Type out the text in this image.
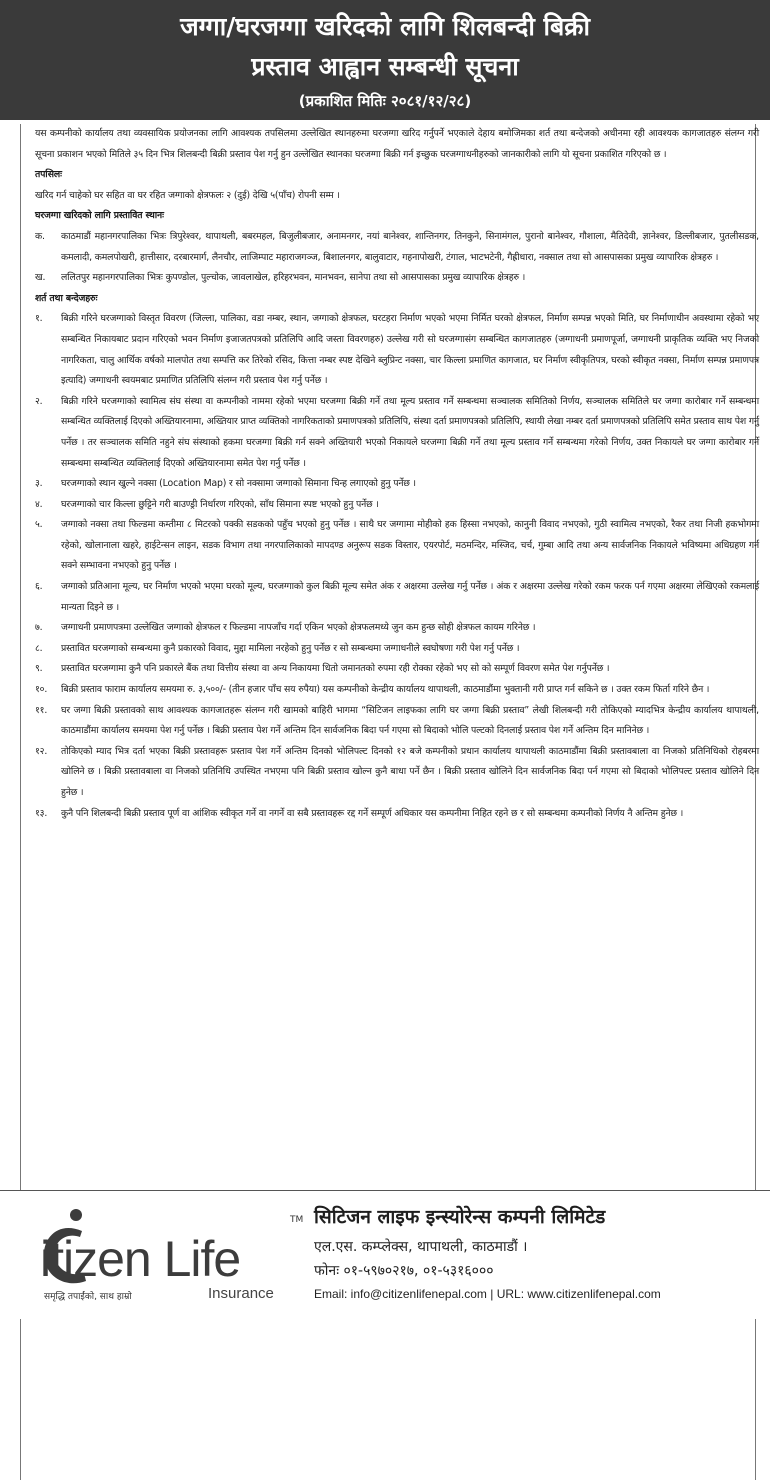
जग्गा/घरजग्गा खरिदको लागि शिलबन्दी बिक्री
प्रस्ताव आह्वान सम्बन्धी सूचना
(प्रकाशित मितिः २०८१/१२/२८)

यस कम्पनीको कार्यालय तथा व्यवसायिक प्रयोजनका लागि आवश्यक तपसिलमा उल्लेखित स्थानहरुमा घरजग्गा खरिद गर्नुपर्ने भएकाले देहाय बमोजिमका शर्त तथा बन्देजको अधीनमा रही आवश्यक कागजातहरु संलग्न गरी सूचना प्रकाशन भएको मितिले ३५ दिन भित्र शिलबन्दी बिक्री प्रस्ताव पेश गर्नु हुन उल्लेखित स्थानका घरजग्गा बिक्री गर्न इच्छुक घरजग्गाधनीहरुको जानकारीको लागि यो सूचना प्रकाशित गरिएको छ ।

तपसिलः

खरिद गर्न चाहेको घर सहित वा घर रहित जग्गाको क्षेत्रफलः २ (दुई) देखि ५(पाँच) रोपनी सम्म ।

घरजग्गा खरिदको लागि प्रस्तावित स्थानः

क.	काठमाडौं महानगरपालिका भित्रः त्रिपुरेश्वर, थापाथली, बबरमहल, बिजुलीबजार, अनामनगर, नयां बानेश्वर, शान्तिनगर, तिनकुने, सिनामंगल, पुरानो बानेश्वर, गौशाला, मैतिदेवी, ज्ञानेश्वर, डिल्लीबजार, पुतलीसडक, कमलादी, कमलपोखरी, हात्तीसार, दरबारमार्ग, लैनचौर, लाजिम्पाट महाराजगञ्ज, बिशालनगर, बालुवाटार, गहनापोखरी, टंगाल, भाटभटेनी, गैह्रीधारा, नक्साल तथा सो आसपासका प्रमुख व्यापारिक क्षेत्रहरु ।

ख.	ललितपुर महानगरपालिका भित्रः कुपण्डोल, पुल्चोक, जावलाखेल, हरिहरभवन, मानभवन, सानेपा तथा सो आसपासका प्रमुख व्यापारिक क्षेत्रहरु ।

शर्त तथा बन्देजहरुः

१.	बिक्री गरिने घरजग्गाको विस्तृत विवरण (जिल्ला, पालिका, वडा नम्बर, स्थान, जग्गाको क्षेत्रफल, घरटहरा निर्माण भएको भएमा निर्मित घरको क्षेत्रफल, निर्माण सम्पन्न भएको मिति, घर निर्माणाधीन अवस्थामा रहेको भए सम्बन्धित निकायबाट प्रदान गरिएको भवन निर्माण इजाजतपत्रको प्रतिलिपि आदि जस्ता विवरणहरु) उल्लेख गरी सो घरजग्गासंग सम्बन्धित कागजातहरु (जग्गाधनी प्रमाणपूर्जा, जग्गाधनी प्राकृतिक व्यक्ति भए निजको नागरिकता, चालु आर्थिक वर्षको मालपोत तथा सम्पत्ति कर तिरेको रसिद, कित्ता नम्बर स्पष्ट देखिने ब्लुप्रिन्ट नक्सा, चार किल्ला प्रमाणित कागजात, घर निर्माण स्वीकृतिपत्र, घरको स्वीकृत नक्सा, निर्माण सम्पन्न प्रमाणपत्र इत्यादि) जग्गाधनी स्वयमबाट प्रमाणित प्रतिलिपि संलग्न गरी प्रस्ताव पेश गर्नु पर्नेछ ।

२.	बिक्री गरिने घरजग्गाको स्वामित्व संघ संस्था वा कम्पनीको नाममा रहेको भएमा घरजग्गा बिक्री गर्ने तथा मूल्य प्रस्ताव गर्ने सम्बन्धमा सञ्चालक समितिको निर्णय, सञ्चालक समितिले घर जग्गा कारोबार गर्ने सम्बन्धमा सम्बन्धित व्यक्तिलाई दिएको अख्तियारनामा, अख्तियार प्राप्त व्यक्तिको नागरिकताको प्रमाणपत्रको प्रतिलिपि, संस्था दर्ता प्रमाणपत्रको प्रतिलिपि, स्थायी लेखा नम्बर दर्ता प्रमाणपत्रको प्रतिलिपि समेत प्रस्ताव साथ पेश गर्नु पर्नेछ । तर सञ्चालक समिति नहुने संघ संस्थाको हकमा घरजग्गा बिक्री गर्न सक्ने अख्तियारी भएको निकायले घरजग्गा बिक्री गर्ने तथा मूल्य प्रस्ताव गर्ने सम्बन्धमा गरेको निर्णय, उक्त निकायले घर जग्गा कारोबार गर्ने सम्बन्धमा सम्बन्धित व्यक्तिलाई दिएको अख्तियारनामा समेत पेश गर्नु पर्नेछ ।

३.	घरजग्गाको स्थान खुल्ने नक्सा (Location Map) र सो नक्सामा जग्गाको सिमाना चिन्ह लगाएको हुनु पर्नेछ ।

४.	घरजग्गाको चार किल्ला छुट्टिने गरी बाउण्ड्री निर्धारण गरिएको, साँध सिमाना स्पष्ट भएको हुनु पर्नेछ ।

५.	जग्गाको नक्सा तथा फिल्डमा कम्तीमा ८ मिटरको पक्की सडकको पहुँच भएको हुनु पर्नेछ । साथै घर जग्गामा मोहीको हक हिस्सा नभएको, कानुनी विवाद नभएको, गुठी स्वामित्व नभएको, रैकर तथा निजी हकभोगमा रहेको, खोलानाला खहरे, हाईटेन्सन लाइन, सडक विभाग तथा नगरपालिकाको मापदण्ड अनुरूप सडक विस्तार, एयरपोर्ट, मठमन्दिर, मस्जिद, चर्च, गुम्बा आदि तथा अन्य सार्वजनिक निकायले भविष्यमा अधिग्रहण गर्न सक्ने सम्भावना नभएको हुनु पर्नेछ ।

६.	जग्गाको प्रतिआना मूल्य, घर निर्माण भएको भएमा घरको मूल्य, घरजग्गाको कुल बिक्री मूल्य समेत अंक र अक्षरमा उल्लेख गर्नु पर्नेछ । अंक र अक्षरमा उल्लेख गरेको रकम फरक पर्न गएमा अक्षरमा लेखिएको रकमलाई मान्यता दिइने छ ।

७.	जग्गाधनी प्रमाणपत्रमा उल्लेखित जग्गाको क्षेत्रफल र फिल्डमा नापजाँच गर्दा एकिन भएको क्षेत्रफलमध्ये जुन कम हुन्छ सोही क्षेत्रफल कायम गरिनेछ ।

८.	प्रस्तावित घरजग्गाको सम्बन्धमा कुनै प्रकारको विवाद, मुद्दा मामिला नरहेको हुनु पर्नेछ र सो सम्बन्धमा जग्गाधनीले स्वघोषणा गरी पेश गर्नु पर्नेछ ।

९.	प्रस्तावित घरजग्गामा कुनै पनि प्रकारले बैंक तथा वित्तीय संस्था वा अन्य निकायमा धितो जमानतको रुपमा रही रोक्का रहेको भए सो को सम्पूर्ण विवरण समेत पेश गर्नुपर्नेछ ।

१०.	बिक्री प्रस्ताव फाराम कार्यालय समयमा रु. ३,५००/- (तीन हजार पाँच सय रुपैया) यस कम्पनीको केन्द्रीय कार्यालय थापाथली, काठमाडौंमा भुक्तानी गरी प्राप्त गर्न सकिने छ । उक्त रकम फिर्ता गरिने छैन ।

११.	घर जग्गा बिक्री प्रस्तावको साथ आवश्यक कागजातहरू संलग्न गरी खामको बाहिरी भागमा “सिटिजन लाइफका लागि घर जग्गा बिक्री प्रस्ताव” लेखी शिलबन्दी गरी तोकिएको म्यादभित्र केन्द्रीय कार्यालय थापाथली, काठमाडौंमा कार्यालय समयमा पेश गर्नु पर्नेछ । बिक्री प्रस्ताव पेश गर्ने अन्तिम दिन सार्वजनिक बिदा पर्न गएमा सो बिदाको भोलि पल्टको दिनलाई प्रस्ताव पेश गर्ने अन्तिम दिन मानिनेछ ।

१२.	तोकिएको म्याद भित्र दर्ता भएका बिक्री प्रस्तावहरू प्रस्ताव पेश गर्ने अन्तिम दिनको भोलिपल्ट दिनको १२ बजे कम्पनीको प्रधान कार्यालय थापाथली काठमाडौंमा बिक्री प्रस्तावबाला वा निजको प्रतिनिधिको रोहबरमा खोलिने छ । बिक्री प्रस्तावबाला वा निजको प्रतिनिधि उपस्थित नभएमा पनि बिक्री प्रस्ताव खोल्न कुनै बाधा पर्ने छैन । बिक्री प्रस्ताव खोलिने दिन सार्वजनिक बिदा पर्न गएमा सो बिदाको भोलिपल्ट प्रस्ताव खोलिने दिन हुनेछ ।

१३.	कुनै पनि शिलबन्दी बिक्री प्रस्ताव पूर्ण वा आंशिक स्वीकृत गर्ने वा नगर्ने वा सबै प्रस्तावहरू रद्द गर्ने सम्पूर्ण अधिकार यस कम्पनीमा निहित रहने छ र सो सम्बन्धमा कम्पनीको निर्णय नै अन्तिम हुनेछ ।

itizen Life
TM
समृद्धि तपाईंको, साथ हाम्रो	Insurance
सिटिजन लाइफ इन्स्योरेन्स कम्पनी लिमिटेड
एल.एस. कम्प्लेक्स, थापाथली, काठमाडौं ।
फोनः ०१-५९७०२१७, ०१-५३१६०००
Email: info@citizenlifenepal.com | URL: www.citizenlifenepal.com
